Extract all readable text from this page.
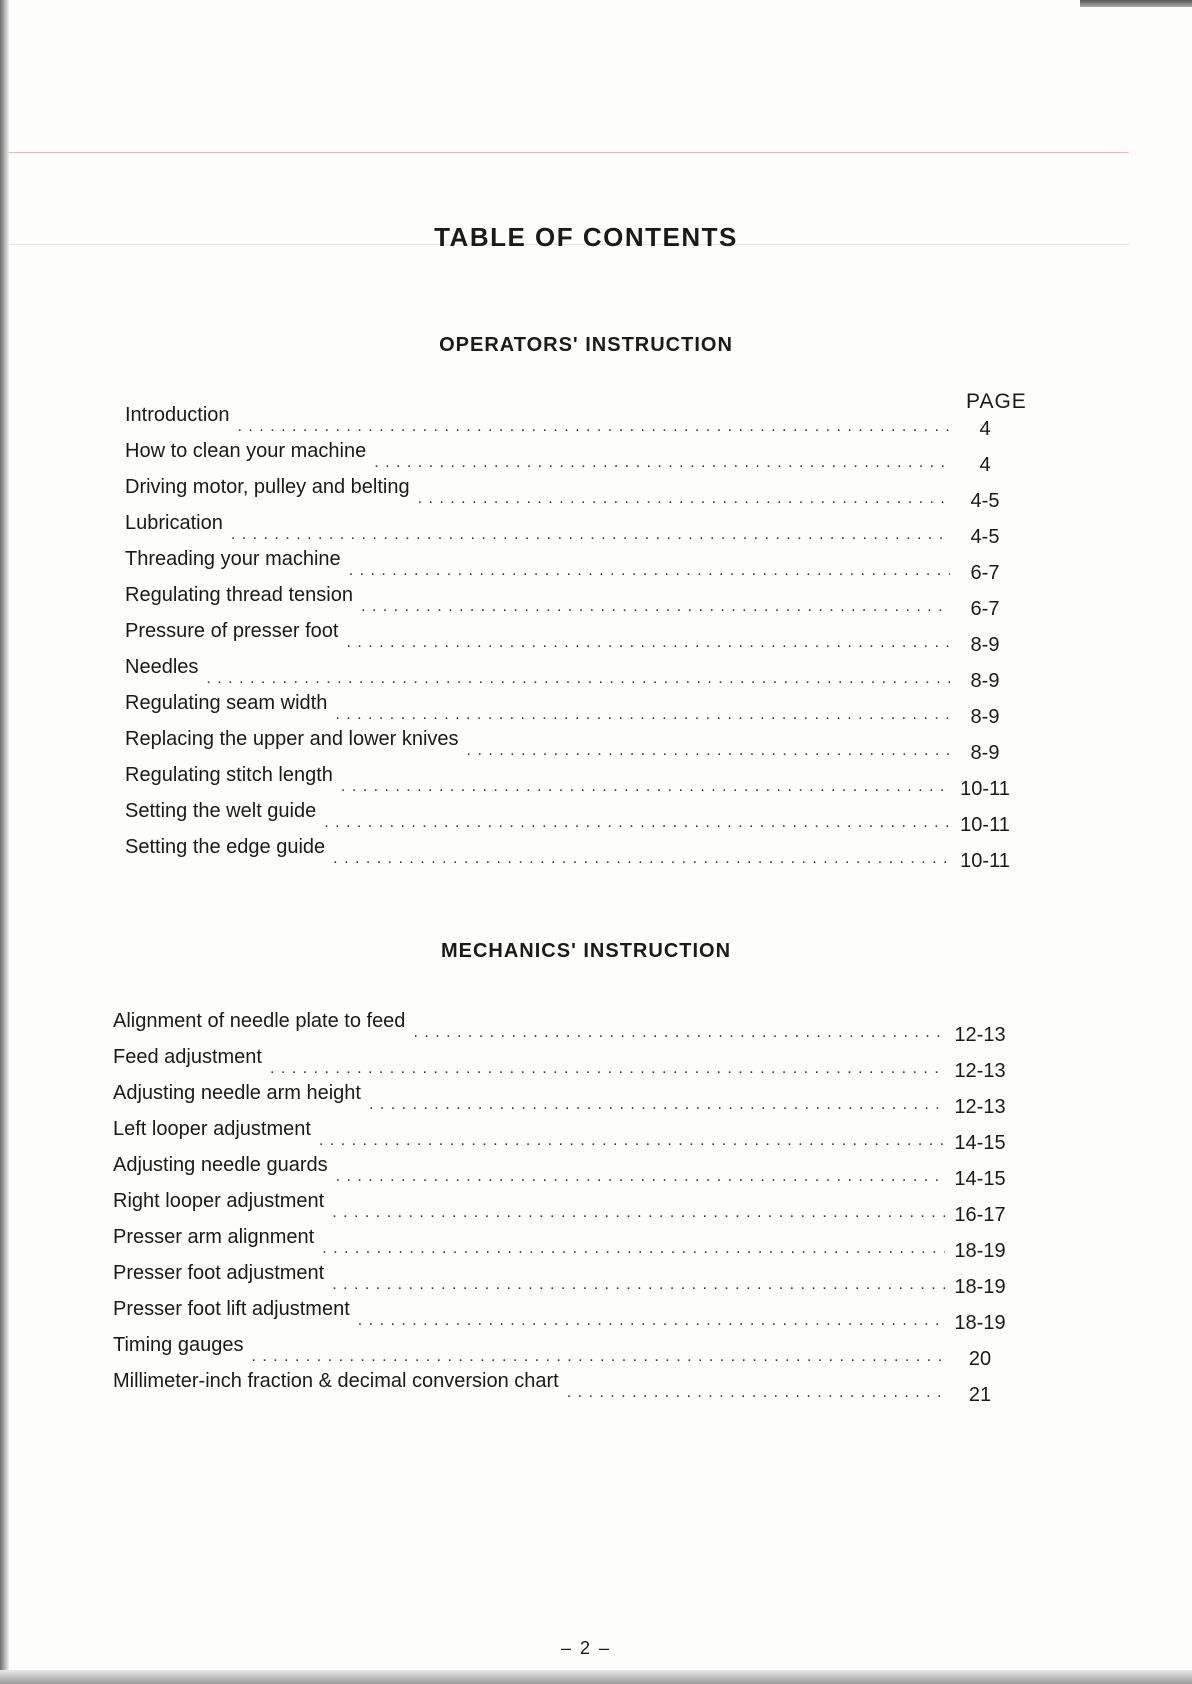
TABLE OF CONTENTS
OPERATORS' INSTRUCTION
PAGE
Introduction
. . .
4
How to clean your machine
. . .
4
Driving motor, pulley and belting
. . .
4-5
Lubrication
. . .
4-5
Threading your machine
. . .
6-7
Regulating thread tension
. . .
6-7
Pressure of presser foot
. . .
8-9
Needles
. . .
8-9
Regulating seam width
. . .
8-9
Replacing the upper and lower knives
. . .
8-9
Regulating stitch length
. . .
10-11
Setting the welt guide
. . .
10-11
Setting the edge guide
. . .
10-11
MECHANICS' INSTRUCTION
Alignment of needle plate to feed
. . .
12-13
Feed adjustment
. . .
12-13
Adjusting needle arm height
. . .
12-13
Left looper adjustment
. . .
14-15
Adjusting needle guards
. . .
14-15
Right looper adjustment
. . .
16-17
Presser arm alignment
. . .
18-19
Presser foot adjustment
. . .
18-19
Presser foot lift adjustment
. . .
18-19
Timing gauges
. . .
20
Millimeter-inch fraction & decimal conversion chart
. . .
21
– 2 –
